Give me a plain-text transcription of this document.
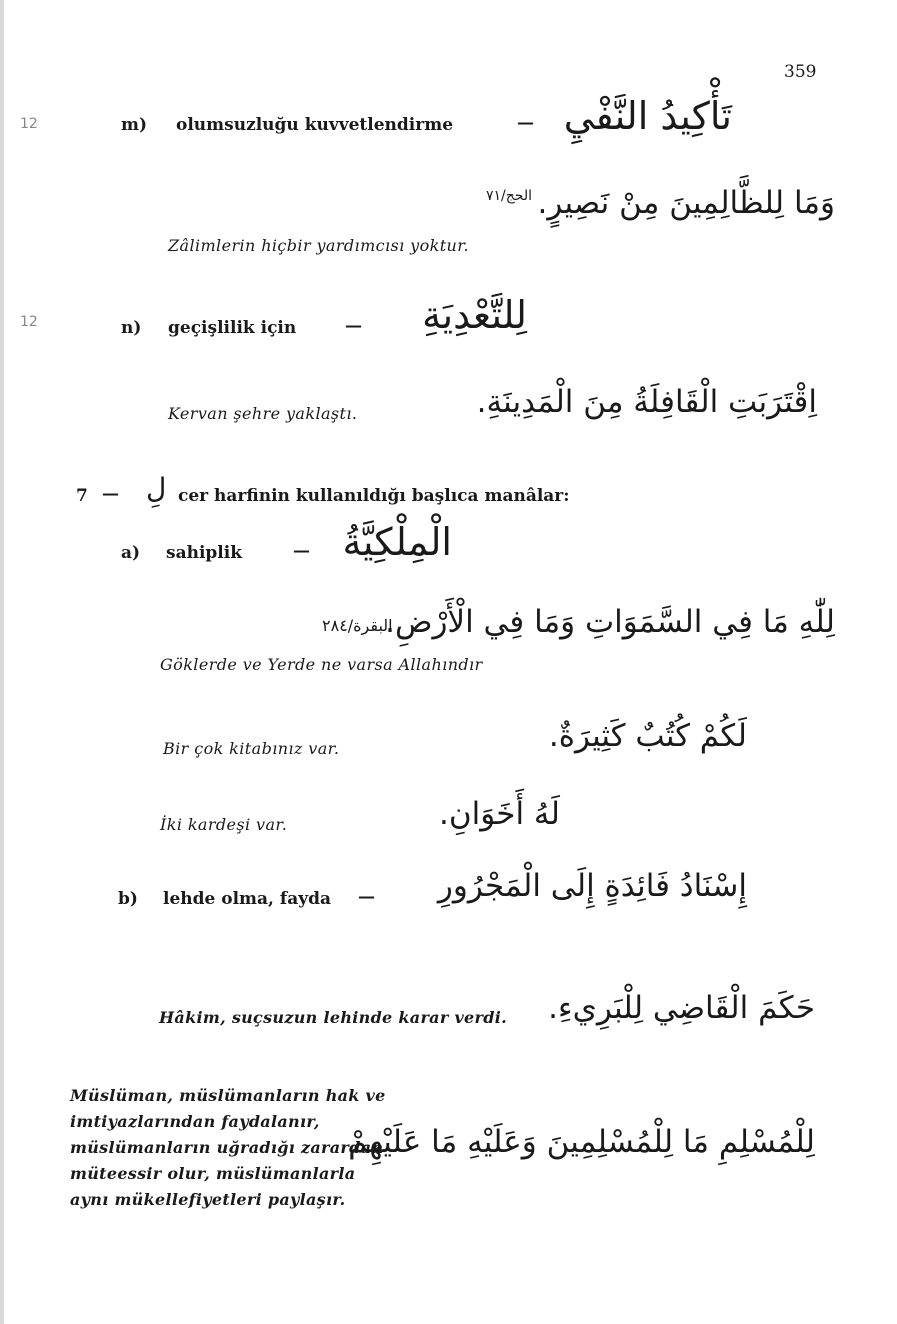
359
12	m) olumsuzluğu kuvvetlendirme	— تَأْكِيدُ النَّفْيِ
وَمَا لِلظَّالِمِينَ مِنْ نَصِيرٍ.
الحج/٧١
Zâlimlerin hiçbir yardımcısı yoktur.
12	n) geçişlilik için	— لِلتَّعْدِيَةِ
Kervan şehre yaklaştı.	اِقْتَرَبَتِ الْقَافِلَةُ مِنَ الْمَدِينَةِ.
7 — لِ cer harfinin kullanıldığı başlıca manâlar:
a) sahiplik	— الْمِلْكِيَّةُ
لِلّٰهِ مَا فِي السَّمَوَاتِ وَمَا فِي الْأَرْضِ.
البقرة/٢٨٤
Göklerde ve Yerde ne varsa Allahındır
Bir çok kitabınız var.	لَكُمْ كُتُبٌ كَثِيرَةٌ.
İki kardeşi var.	لَهُ أَخَوَانِ.
b) lehde olma, fayda — إِسْنَادُ فَائِدَةٍ إِلَى الْمَجْرُورِ
Hâkim, suçsuzun lehinde karar verdi. حَكَمَ الْقَاضِي لِلْبَرِيءِ.

Müslüman, müslümanların hak ve

imtiyazlarından faydalanır,

müslümanların uğradığı zarardan

müteessir olur, müslümanlarla

aynı mükellefiyetleri paylaşır.

لِلْمُسْلِمِ مَا لِلْمُسْلِمِينَ وَعَلَيْهِ مَا عَلَيْهِمْ
